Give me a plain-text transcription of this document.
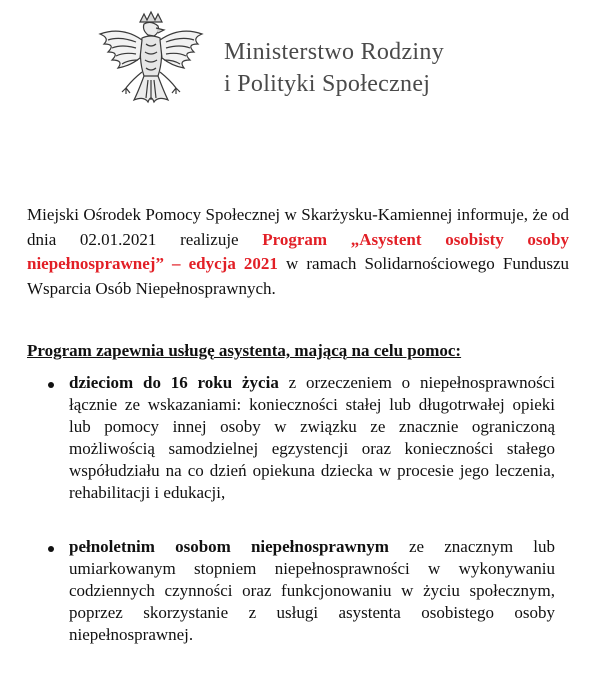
Ministerstwo Rodziny
i Polityki Społecznej

Miejski Ośrodek Pomocy Społecznej w Skarżysku-Kamiennej informuje, że od dnia 02.01.2021 realizuje Program „Asystent osobisty osoby niepełnosprawnej” – edycja 2021 w ramach Solidarnościowego Funduszu Wsparcia Osób Niepełnosprawnych.

Program zapewnia usługę asystenta, mającą na celu pomoc:

dzieciom do 16 roku życia z orzeczeniem o niepełnosprawności łącznie ze wskazaniami: konieczności stałej lub długotrwałej opieki lub pomocy innej osoby w związku ze znacznie ograniczoną możliwością samodzielnej egzystencji oraz konieczności stałego współudziału na co dzień opiekuna dziecka w procesie jego leczenia, rehabilitacji i edukacji,

pełnoletnim osobom niepełnosprawnym ze znacznym lub umiarkowanym stopniem niepełnosprawności w wykonywaniu codziennych czynności oraz funkcjonowaniu w życiu społecznym, poprzez skorzystanie z usługi asystenta osobistego osoby niepełnosprawnej.
